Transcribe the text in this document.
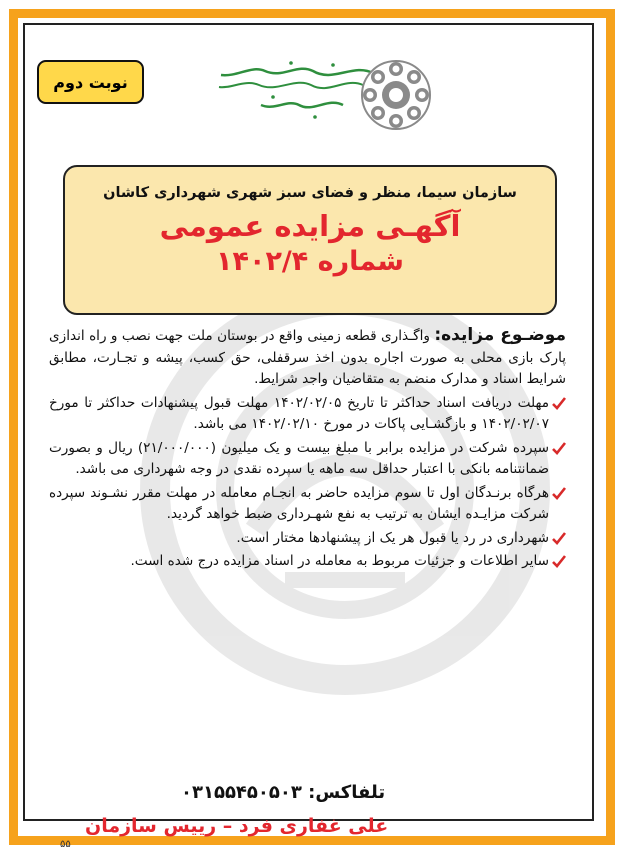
نوبت دوم
سازمان سیما، منظر و فضای سبز شهری شهرداری کاشان
آگهـی مزایده عمومی
شماره ۱۴۰۲/۴
موضـوع مزایده: واگـذاری قطعه زمینی واقع در بوستان ملت جهت نصب و راه اندازی پارک بازی محلی به صورت اجاره بدون اخذ سرقفلی، حق کسب، پیشه و تجـارت، مطابق شرایط اسناد و مدارک منضم به متقاضیان واجد شرایط.
مهلت دریافت اسناد حداکثر تا تاریخ ۱۴۰۲/۰۲/۰۵ مهلت قبول پیشنهادات حداکثر تا مورخ ۱۴۰۲/۰۲/۰۷ و بازگشـایی پاکات در مورخ ۱۴۰۲/۰۲/۱۰ می باشد.
سپرده شرکت در مزایده برابر با مبلغ بیست و یک میلیون (۲۱/۰۰۰/۰۰۰) ریال و بصورت ضمانتنامه بانکی با اعتبار حداقل سه ماهه یا سپرده نقدی در وجه شهرداری می باشد.
هرگاه برنـدگان اول تا سوم مزایده حاضر به انجـام معامله در مهلت مقرر نشـوند سپرده شرکت مزایـده ایشان به ترتیب به نفع شهـرداری ضبط خواهد گردید.
شهرداری در رد یا قبول هر یک از پیشنهادها مختار است.
سایر اطلاعات و جزئیات مربوط به معامله در اسناد مزایده درج شده است.
تلفاکس: ۰۳۱۵۵۴۵۰۵۰۳
علی غفاری فرد – رییس سازمان
۵۵
